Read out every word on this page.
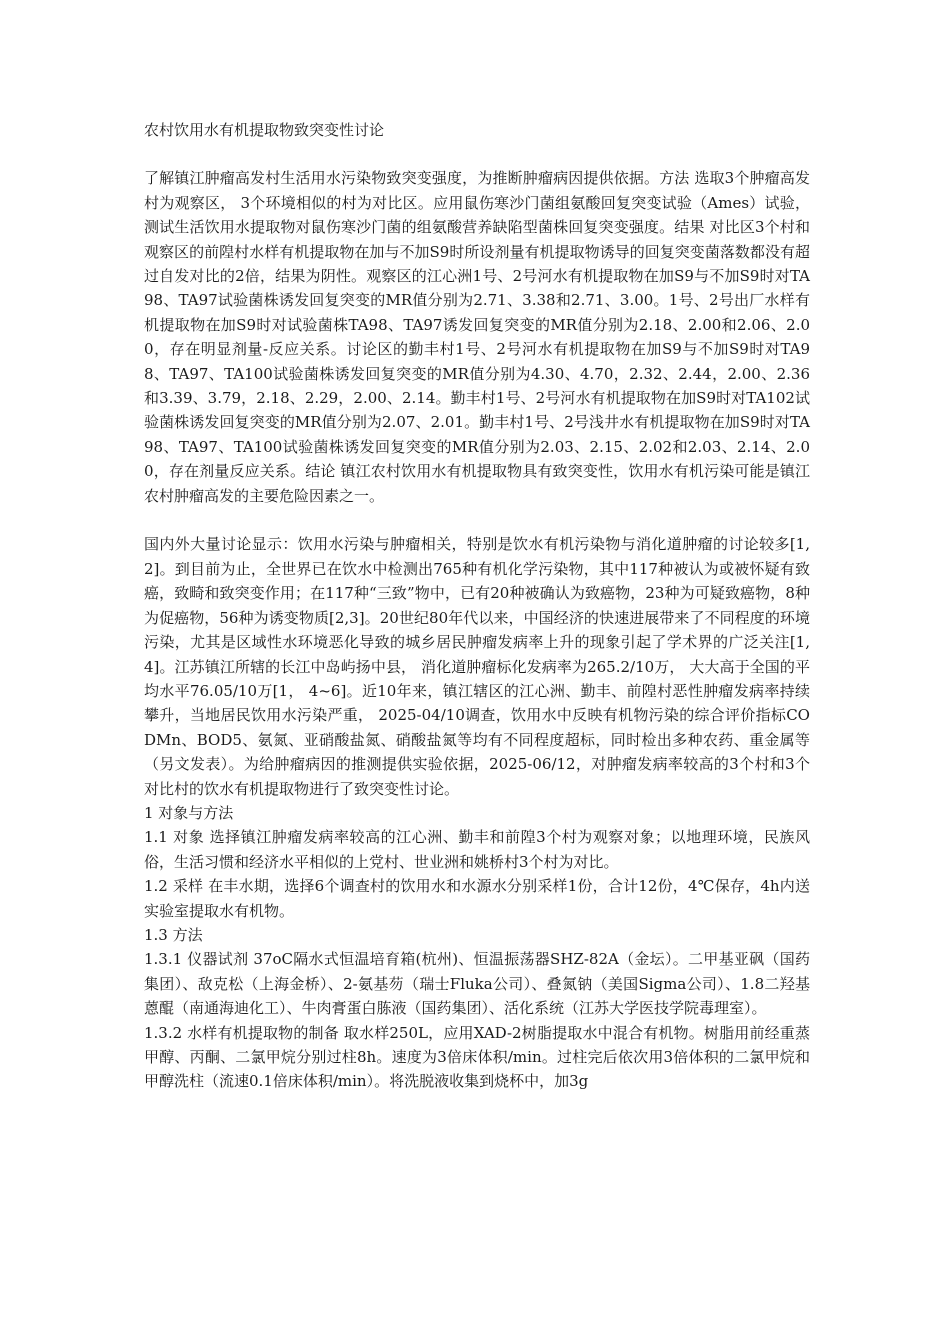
农村饮用水有机提取物致突变性讨论

了解镇江肿瘤高发村生活用水污染物致突变强度，为推断肿瘤病因提供依据。方法 选取3个肿瘤高发村为观察区， 3个环境相似的村为对比区。应用鼠伤寒沙门菌组氨酸回复突变试验（Ames）试验，测试生活饮用水提取物对鼠伤寒沙门菌的组氨酸营养缺陷型菌株回复突变强度。结果 对比区3个村和观察区的前隍村水样有机提取物在加与不加S9时所设剂量有机提取物诱导的回复突变菌落数都没有超过自发对比的2倍，结果为阴性。观察区的江心洲1号、2号河水有机提取物在加S9与不加S9时对TA98、TA97试验菌株诱发回复突变的MR值分别为2.71、3.38和2.71、3.00。1号、2号出厂水样有机提取物在加S9时对试验菌株TA98、TA97诱发回复突变的MR值分别为2.18、2.00和2.06、2.00，存在明显剂量-反应关系。讨论区的勤丰村1号、2号河水有机提取物在加S9与不加S9时对TA98、TA97、TA100试验菌株诱发回复突变的MR值分别为4.30、4.70，2.32、2.44，2.00、2.36和3.39、3.79，2.18、2.29，2.00、2.14。勤丰村1号、2号河水有机提取物在加S9时对TA102试验菌株诱发回复突变的MR值分别为2.07、2.01。勤丰村1号、2号浅井水有机提取物在加S9时对TA98、TA97、TA100试验菌株诱发回复突变的MR值分别为2.03、2.15、2.02和2.03、2.14、2.00，存在剂量反应关系。结论 镇江农村饮用水有机提取物具有致突变性，饮用水有机污染可能是镇江农村肿瘤高发的主要危险因素之一。

国内外大量讨论显示：饮用水污染与肿瘤相关，特别是饮水有机污染物与消化道肿瘤的讨论较多[1,2]。到目前为止，全世界已在饮水中检测出765种有机化学污染物，其中117种被认为或被怀疑有致癌，致畸和致突变作用；在117种“三致”物中，已有20种被确认为致癌物，23种为可疑致癌物，8种为促癌物，56种为诱变物质[2,3]。20世纪80年代以来，中国经济的快速进展带来了不同程度的环境污染，尤其是区域性水环境恶化导致的城乡居民肿瘤发病率上升的现象引起了学术界的广泛关注[1,4]。江苏镇江所辖的长江中岛屿扬中县， 消化道肿瘤标化发病率为265.2/10万， 大大高于全国的平均水平76.05/10万[1， 4~6]。近10年来，镇江辖区的江心洲、勤丰、前隍村恶性肿瘤发病率持续攀升，当地居民饮用水污染严重， 2025-04/10调查，饮用水中反映有机物污染的综合评价指标CODMn、BOD5、氨氮、亚硝酸盐氮、硝酸盐氮等均有不同程度超标，同时检出多种农药、重金属等（另文发表）。为给肿瘤病因的推测提供实验依据，2025-06/12，对肿瘤发病率较高的3个村和3个对比村的饮水有机提取物进行了致突变性讨论。

1 对象与方法

1.1 对象 选择镇江肿瘤发病率较高的江心洲、勤丰和前隍3个村为观察对象；以地理环境，民族风俗，生活习惯和经济水平相似的上党村、世业洲和姚桥村3个村为对比。

1.2 采样 在丰水期，选择6个调查村的饮用水和水源水分别采样1份，合计12份，4℃保存，4h内送实验室提取水有机物。

1.3 方法

1.3.1 仪器试剂 37oC隔水式恒温培育箱(杭州)、恒温振荡器SHZ-82A（金坛）。二甲基亚砜（国药集团）、敌克松（上海金桥）、2-氨基芴（瑞士Fluka公司）、叠氮钠（美国Sigma公司）、1.8二羟基蒽醌（南通海迪化工）、牛肉膏蛋白胨液（国药集团）、活化系统（江苏大学医技学院毒理室）。

1.3.2 水样有机提取物的制备 取水样250L，应用XAD-2树脂提取水中混合有机物。树脂用前经重蒸甲醇、丙酮、二氯甲烷分别过柱8h。速度为3倍床体积/min。过柱完后依次用3倍体积的二氯甲烷和甲醇洗柱（流速0.1倍床体积/min）。将洗脱液收集到烧杯中，加3g
